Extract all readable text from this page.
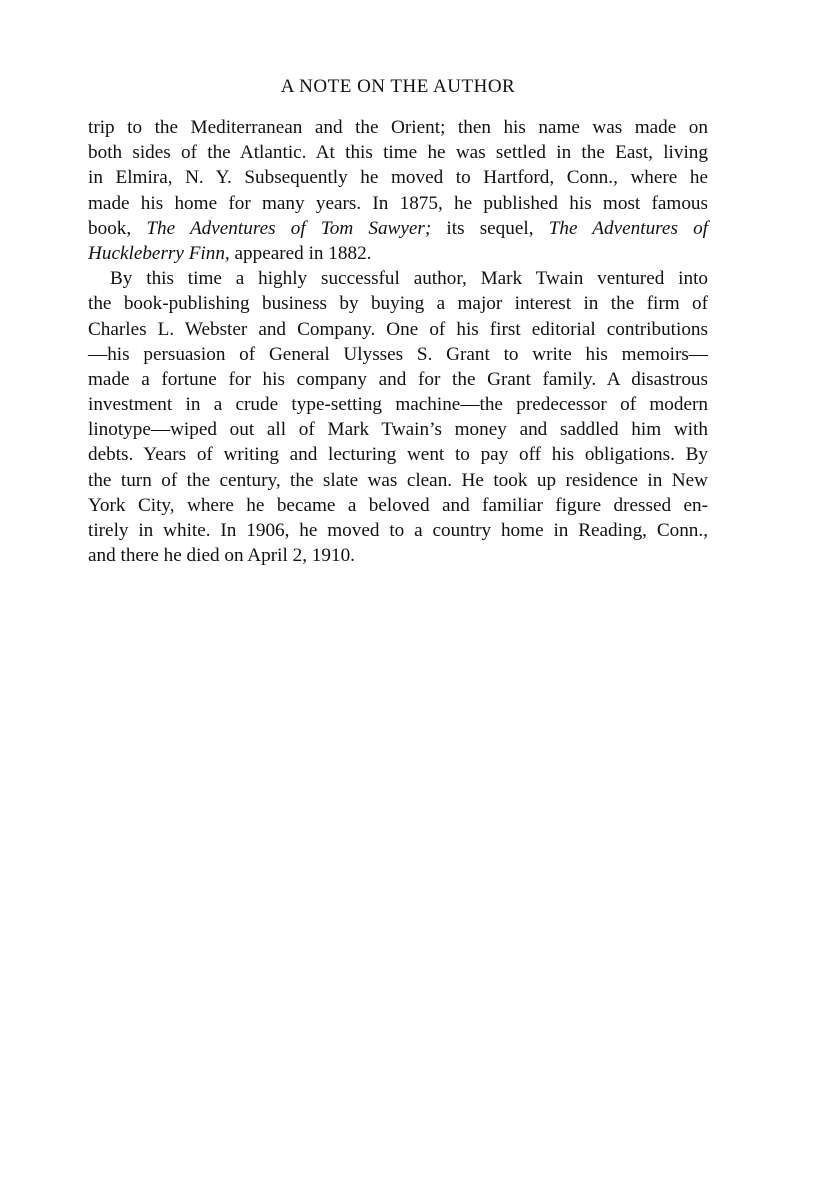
A NOTE ON THE AUTHOR
trip to the Mediterranean and the Orient; then his name was made on
both sides of the Atlantic. At this time he was settled in the East, living
in Elmira, N. Y. Subsequently he moved to Hartford, Conn., where he
made his home for many years. In 1875, he published his most famous
book, The Adventures of Tom Sawyer; its sequel, The Adventures of
Huckleberry Finn, appeared in 1882.
By this time a highly successful author, Mark Twain ventured into
the book-publishing business by buying a major interest in the firm of
Charles L. Webster and Company. One of his first editorial contributions
—his persuasion of General Ulysses S. Grant to write his memoirs—
made a fortune for his company and for the Grant family. A disastrous
investment in a crude type-setting machine—the predecessor of modern
linotype—wiped out all of Mark Twain’s money and saddled him with
debts. Years of writing and lecturing went to pay off his obligations. By
the turn of the century, the slate was clean. He took up residence in New
York City, where he became a beloved and familiar figure dressed en-
tirely in white. In 1906, he moved to a country home in Reading, Conn.,
and there he died on April 2, 1910.
